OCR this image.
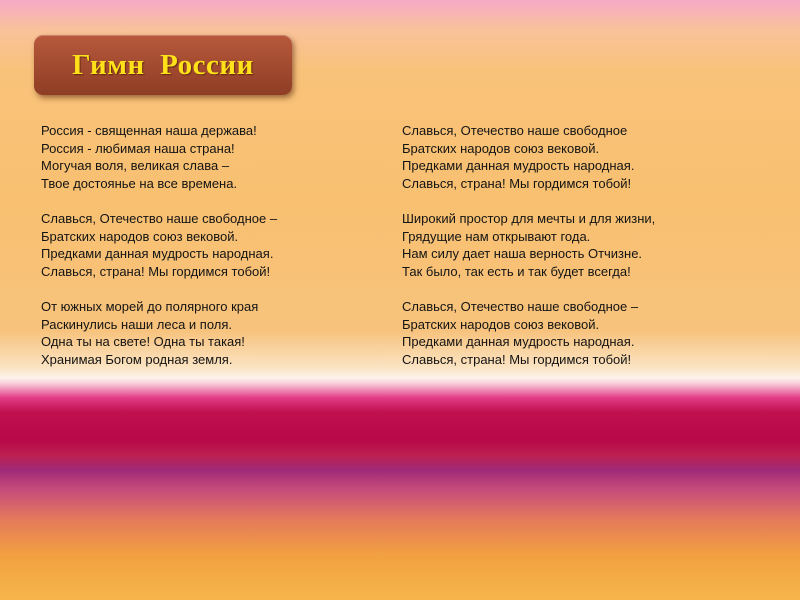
Гимн  России
Россия - священная наша держава!
Россия - любимая наша страна!
Могучая воля, великая слава –
Твое достоянье на все времена.
Славься, Отечество наше свободное –
Братских народов союз вековой.
Предками данная мудрость народная.
Славься, страна! Мы гордимся тобой!
От южных морей до полярного края
Раскинулись наши леса и поля.
Одна ты на свете! Одна ты такая!
Хранимая Богом родная земля.
Славься, Отечество наше свободное
Братских народов союз вековой.
Предками данная мудрость народная.
Славься, страна! Мы гордимся тобой!
Широкий простор для мечты и для жизни,
Грядущие нам открывают года.
Нам силу дает наша верность Отчизне.
Так было, так есть и так будет всегда!
Славься, Отечество наше свободное –
Братских народов союз вековой.
Предками данная мудрость народная.
Славься, страна! Мы гордимся тобой!
